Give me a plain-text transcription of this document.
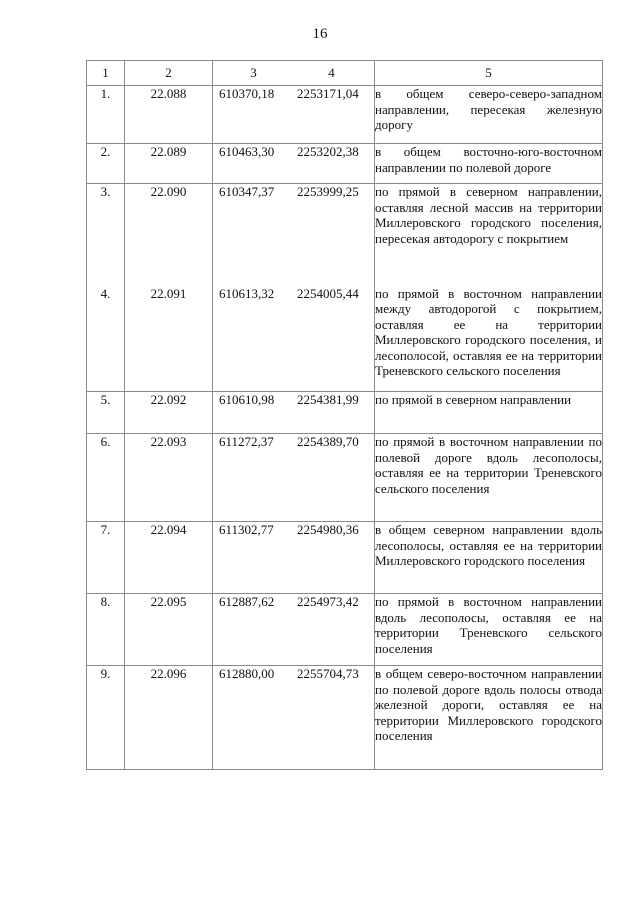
16
1	2	3 4	5
1.	22.088	610370,18 2253171,04	в общем северо-северо-западном направлении, пересекая железную дорогу
2.	22.089	610463,30 2253202,38	в общем восточно-юго-восточном направлении по полевой дороге
3.	22.090	610347,37 2253999,25	по прямой в северном направлении, оставляя лесной массив на территории Миллеровского городского поселения, пересекая автодорогу с покрытием
4.	22.091	610613,32 2254005,44	по прямой в восточном направлении между автодорогой с покрытием, оставляя ее на территории Миллеровского городского поселения, и лесополосой, оставляя ее на территории Треневского сельского поселения
5.	22.092	610610,98 2254381,99	по прямой в северном направлении
6.	22.093	611272,37 2254389,70	по прямой в восточном направлении по полевой дороге вдоль лесополосы, оставляя ее на территории Треневского сельского поселения
7.	22.094	611302,77 2254980,36	в общем северном направлении вдоль лесополосы, оставляя ее на территории Миллеровского городского поселения
8.	22.095	612887,62 2254973,42	по прямой в восточном направлении вдоль лесополосы, оставляя ее на территории Треневского сельского поселения
9.	22.096	612880,00 2255704,73	в общем северо-восточном направлении по полевой дороге вдоль полосы отвода железной дороги, оставляя ее на территории Миллеровского городского поселения
